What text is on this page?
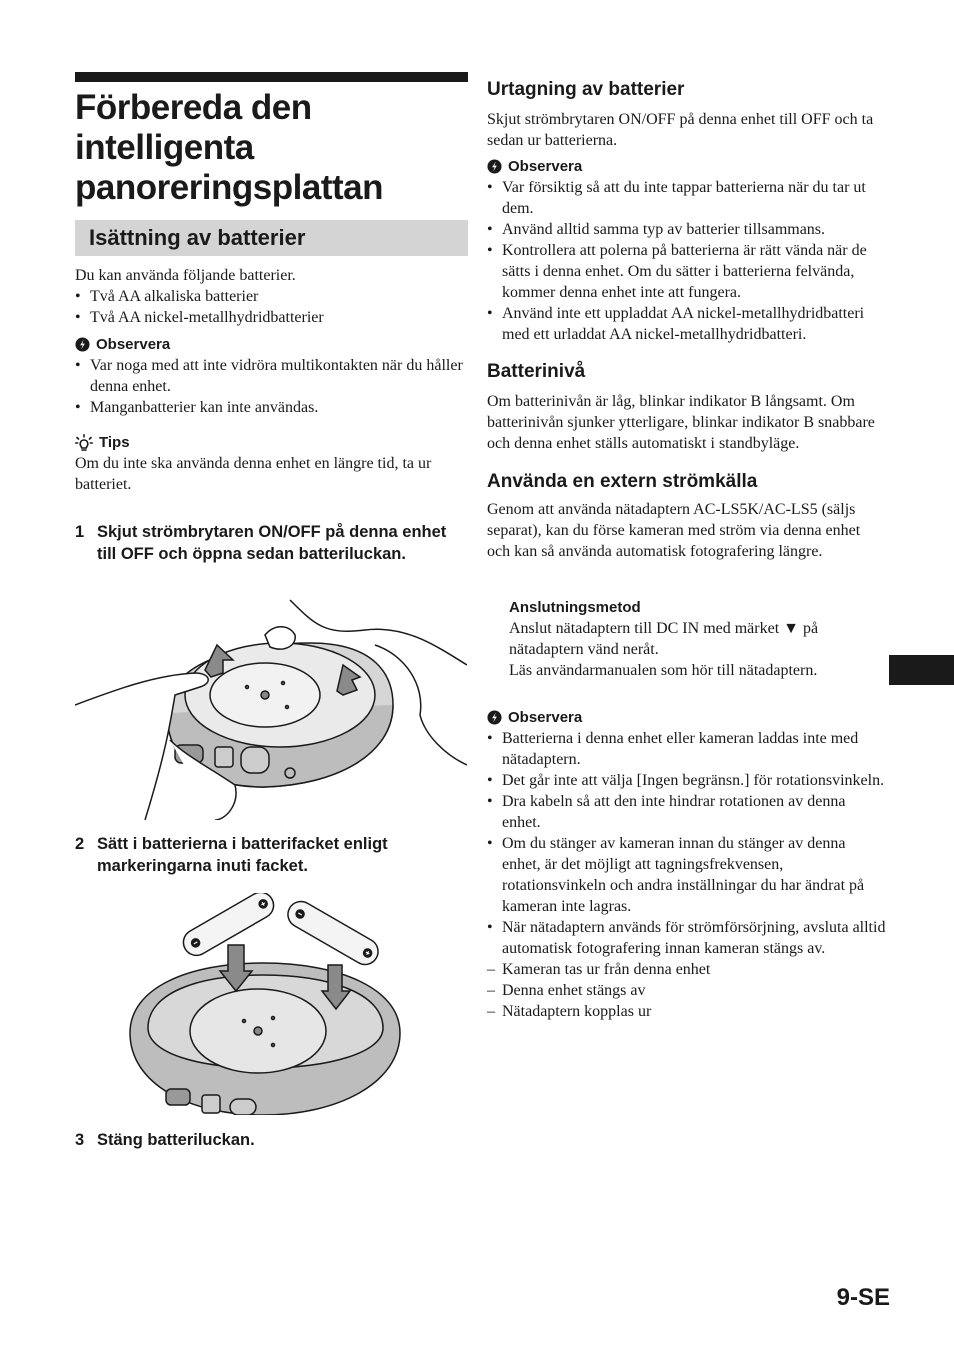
Förbereda den intelligenta panoreringsplattan
Isättning av batterier

Du kan använda följande batterier.

• Två AA alkaliska batterier
• Två AA nickel-metallhydridbatterier
Observera
• Var noga med att inte vidröra multikontakten när du håller denna enhet.
• Manganbatterier kan inte användas.
Tips

Om du inte ska använda denna enhet en längre tid, ta ur batteriet.

1 Skjut strömbrytaren ON/OFF på denna enhet till OFF och öppna sedan batteriluckan.
2 Sätt i batterierna i batterifacket enligt markeringarna inuti facket.
3 Stäng batteriluckan.
Urtagning av batterier

Skjut strömbrytaren ON/OFF på denna enhet till OFF och ta sedan ur batterierna.

Observera
• Var försiktig så att du inte tappar batterierna när du tar ut dem.
• Använd alltid samma typ av batterier tillsammans.
• Kontrollera att polerna på batterierna är rätt vända när de sätts i denna enhet. Om du sätter i batterierna felvända, kommer denna enhet inte att fungera.
• Använd inte ett uppladdat AA nickel-metallhydridbatteri med ett urladdat AA nickel-metallhydridbatteri.
Batterinivå

Om batterinivån är låg, blinkar indikator B långsamt. Om batterinivån sjunker ytterligare, blinkar indikator B snabbare och denna enhet ställs automatiskt i standbyläge.

Använda en extern strömkälla

Genom att använda nätadaptern AC-LS5K/AC-LS5 (säljs separat), kan du förse kameran med ström via denna enhet och kan så använda automatisk fotografering längre.

Anslutningsmetod

Anslut nätadaptern till DC IN med märket ▼ på nätadaptern vänd neråt.

Läs användarmanualen som hör till nätadaptern.

Observera
• Batterierna i denna enhet eller kameran laddas inte med nätadaptern.
• Det går inte att välja [Ingen begränsn.] för rotationsvinkeln.
• Dra kabeln så att den inte hindrar rotationen av denna enhet.
• Om du stänger av kameran innan du stänger av denna enhet, är det möjligt att tagningsfrekvensen, rotationsvinkeln och andra inställningar du har ändrat på kameran inte lagras.
• När nätadaptern används för strömförsörjning, avsluta alltid automatisk fotografering innan kameran stängs av.
– Kameran tas ur från denna enhet
– Denna enhet stängs av
– Nätadaptern kopplas ur
9-SE
